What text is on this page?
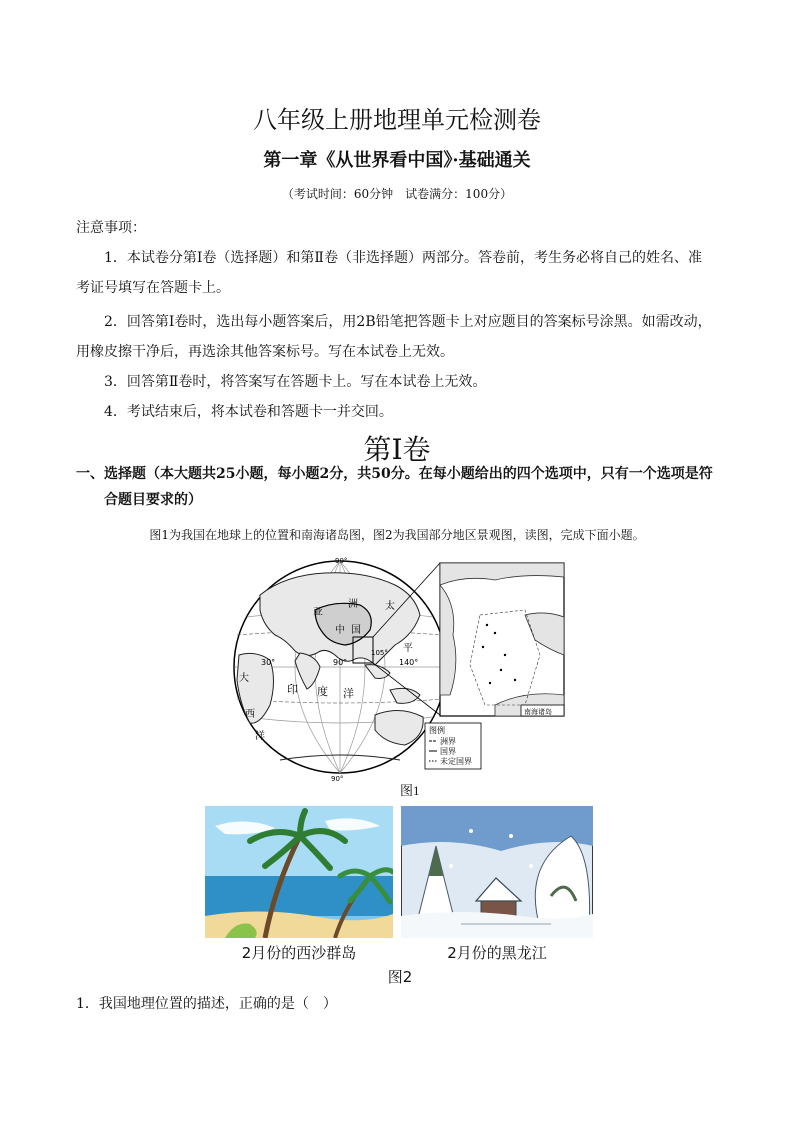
八年级上册地理单元检测卷
第一章《从世界看中国》·基础通关
（考试时间：60分钟　试卷满分：100分）
注意事项：
1．本试卷分第Ⅰ卷（选择题）和第Ⅱ卷（非选择题）两部分。答卷前，考生务必将自己的姓名、准
考证号填写在答题卡上。
2．回答第Ⅰ卷时，选出每小题答案后，用2B铅笔把答题卡上对应题目的答案标号涂黑。如需改动，
用橡皮擦干净后，再选涂其他答案标号。写在本试卷上无效。
3．回答第Ⅱ卷时，将答案写在答题卡上。写在本试卷上无效。
4．考试结束后，将本试卷和答题卡一并交回。
第Ⅰ卷
一、选择题（本大题共25小题，每小题2分，共50分。在每小题给出的四个选项中，只有一个选项是符
合题目要求的）
图1为我国在地球上的位置和南海诸岛图，图2为我国部分地区景观图，读图，完成下面小题。
90°
90°
30°	90°	140°
105°
亚
洲	太
中 国
平
印 度 洋
大
西
洋
南海诸岛
图例
洲界
国界
未定国界
图1
2月份的西沙群岛	2月份的黑龙江
图2
1．我国地理位置的描述，正确的是（　）
